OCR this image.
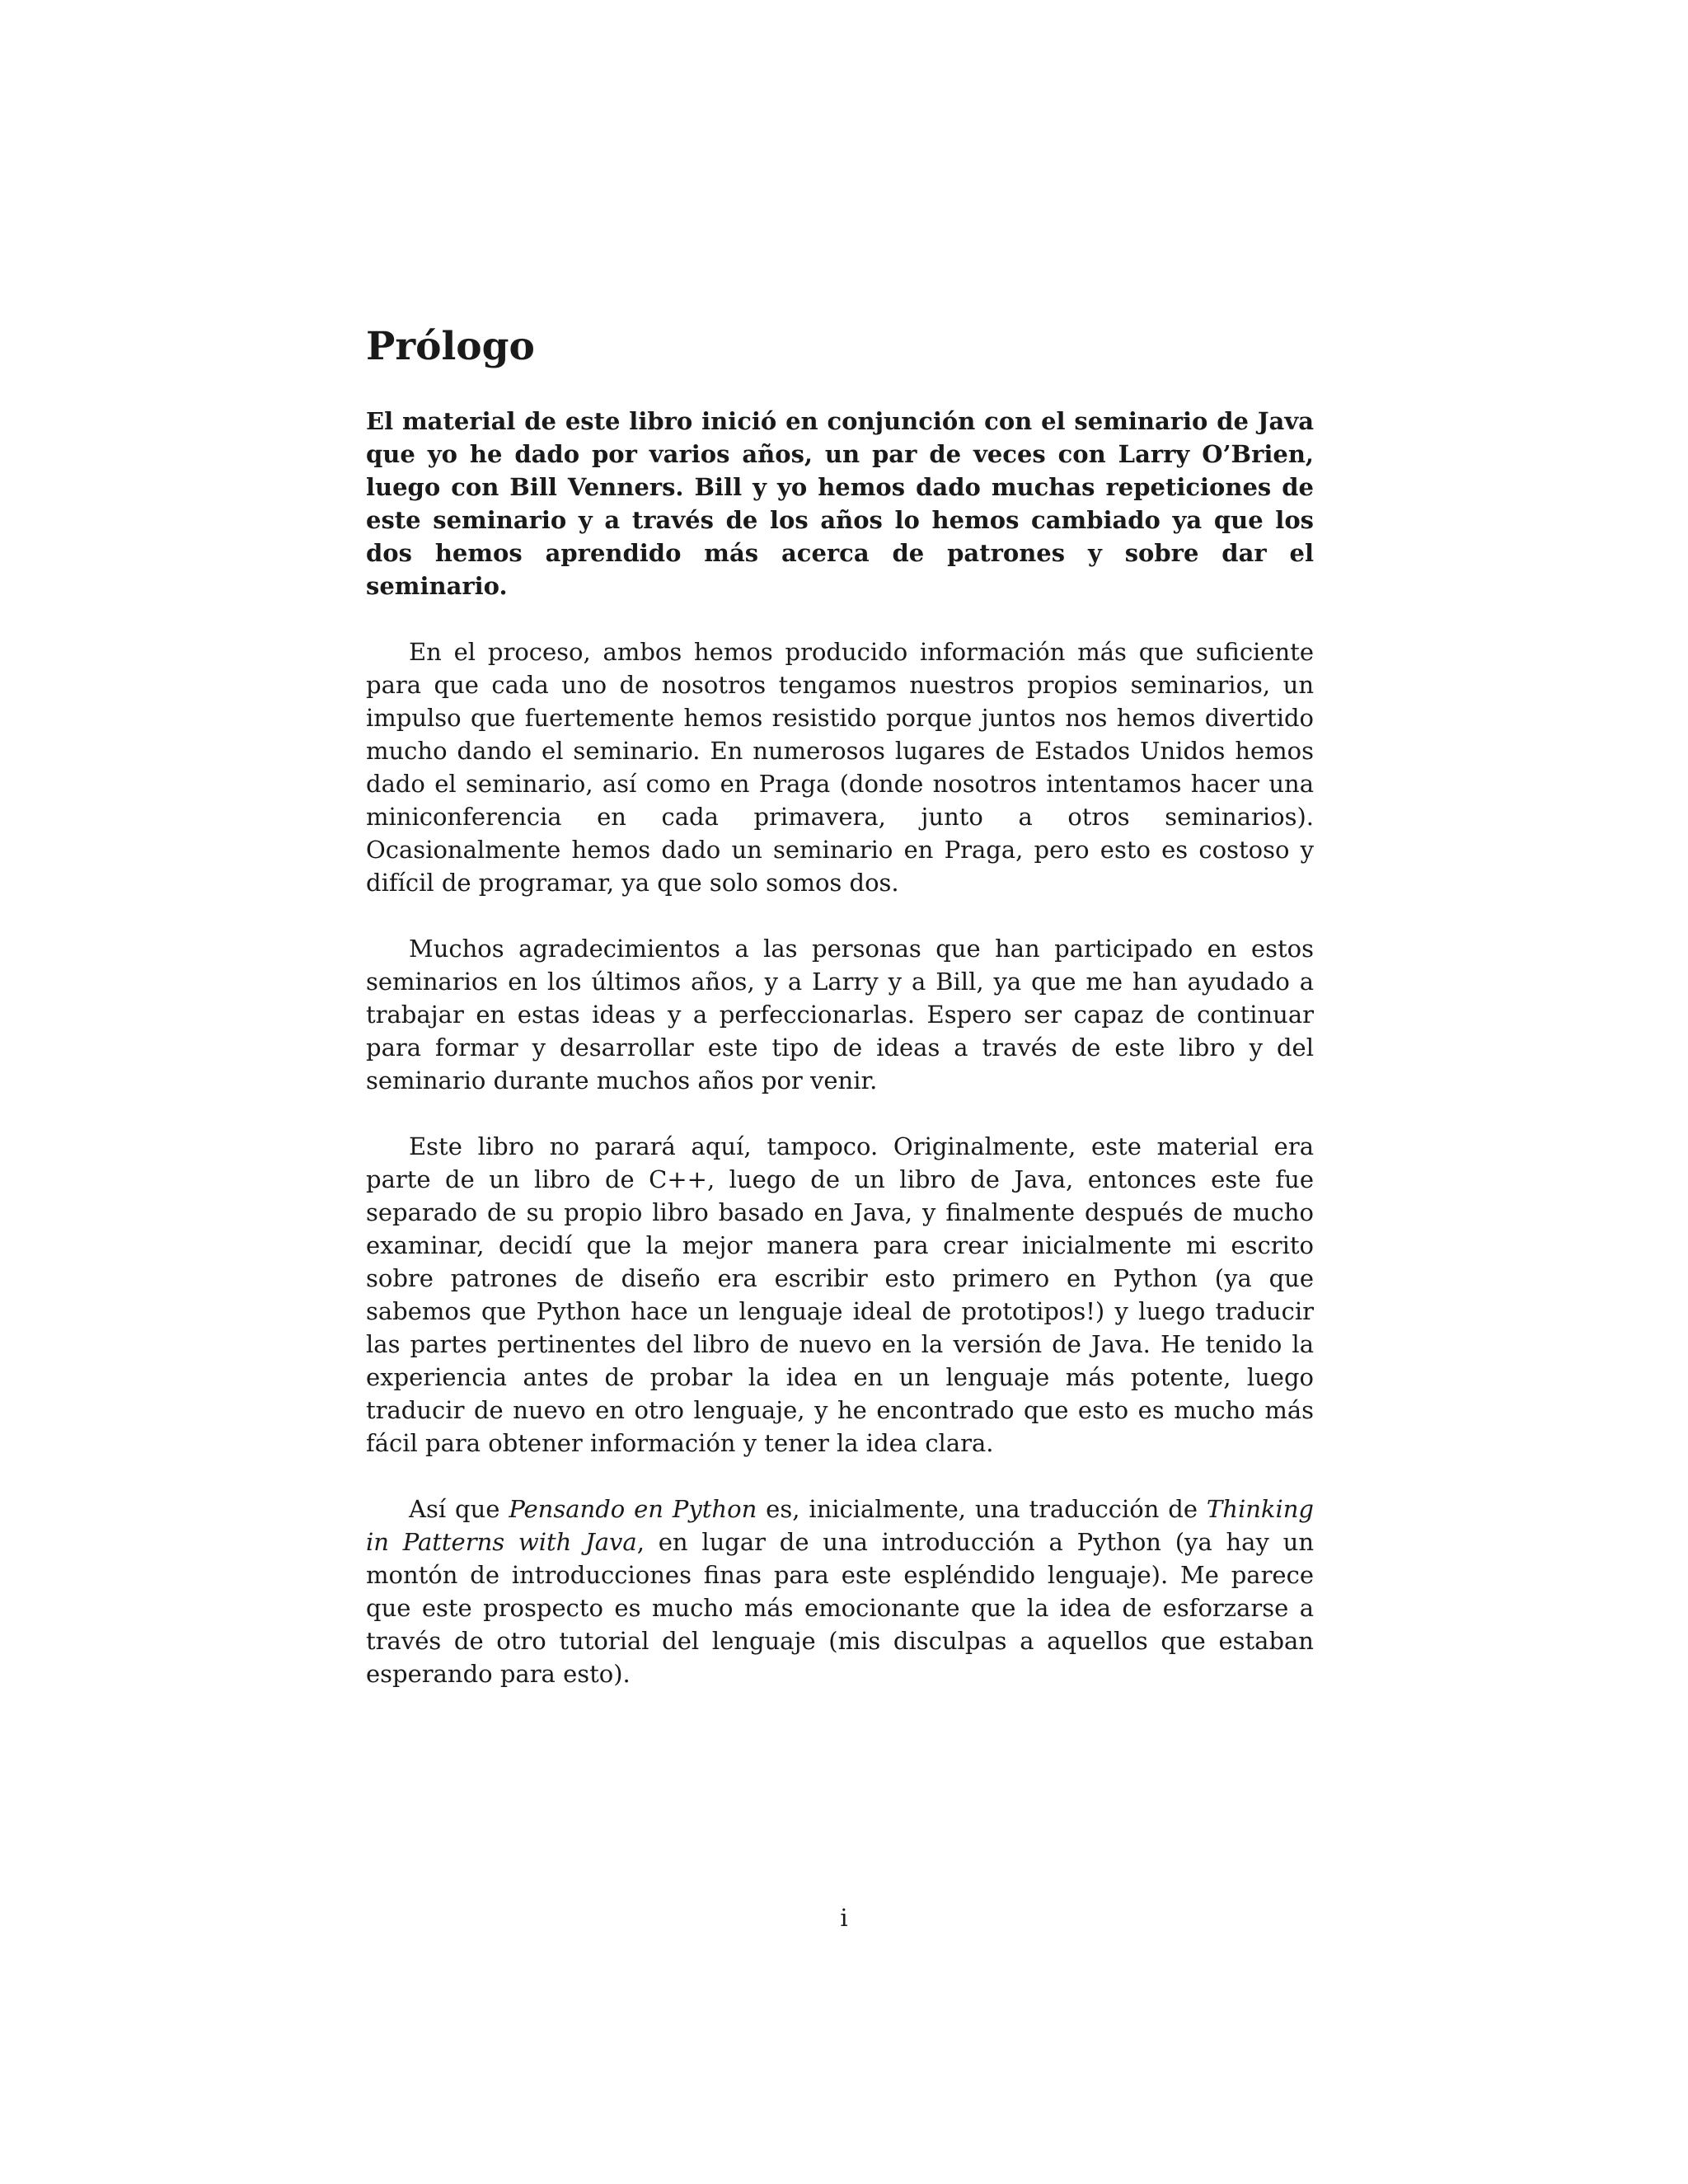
Prólogo

El material de este libro inició en conjunción con el seminario de Java que yo he dado por varios años, un par de veces con Larry O’Brien, luego con Bill Venners. Bill y yo hemos dado muchas repeticiones de este seminario y a través de los años lo hemos cambiado ya que los dos hemos aprendido más acerca de patrones y sobre dar el seminario.

En el proceso, ambos hemos producido información más que suficiente para que cada uno de nosotros tengamos nuestros propios seminarios, un impulso que fuertemente hemos resistido porque juntos nos hemos divertido mucho dando el seminario. En numerosos lugares de Estados Unidos hemos dado el seminario, así como en Praga (donde nosotros intentamos hacer una miniconferencia en cada primavera, junto a otros seminarios). Ocasionalmente hemos dado un seminario en Praga, pero esto es costoso y difícil de programar, ya que solo somos dos.

Muchos agradecimientos a las personas que han participado en estos seminarios en los últimos años, y a Larry y a Bill, ya que me han ayudado a trabajar en estas ideas y a perfeccionarlas. Espero ser capaz de continuar para formar y desarrollar este tipo de ideas a través de este libro y del seminario durante muchos años por venir.

Este libro no parará aquí, tampoco. Originalmente, este material era parte de un libro de C++, luego de un libro de Java, entonces este fue separado de su propio libro basado en Java, y finalmente después de mucho examinar, decidí que la mejor manera para crear inicialmente mi escrito sobre patrones de diseño era escribir esto primero en Python (ya que sabemos que Python hace un lenguaje ideal de prototipos!) y luego traducir las partes pertinentes del libro de nuevo en la versión de Java. He tenido la experiencia antes de probar la idea en un lenguaje más potente, luego traducir de nuevo en otro lenguaje, y he encontrado que esto es mucho más fácil para obtener información y tener la idea clara.

Así que Pensando en Python es, inicialmente, una traducción de Thinking in Patterns with Java, en lugar de una introducción a Python (ya hay un montón de introducciones finas para este espléndido lenguaje). Me parece que este prospecto es mucho más emocionante que la idea de esforzarse a través de otro tutorial del lenguaje (mis disculpas a aquellos que estaban esperando para esto).

i
